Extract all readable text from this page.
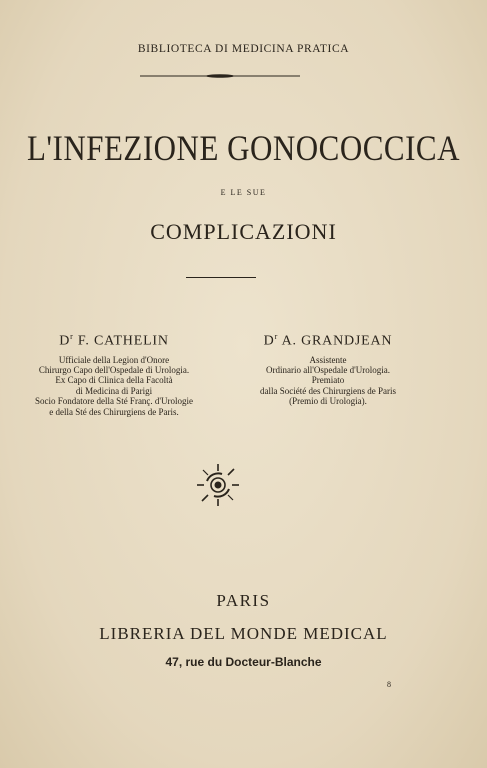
BIBLIOTECA DI MEDICINA PRATICA
L'INFEZIONE GONOCOCCICA
E LE SUE
COMPLICAZIONI
$D^r$ F. CATHELIN
Ufficiale della Legion d'Onore
Chirurgo Capo dell'Ospedale di Urologia.
Ex Capo di Clinica della Facoltà
di Medicina di Parigi
Socio Fondatore della Sté Franç. d'Urologie
e della Sté des Chirurgiens de Paris.
$D^r$ A. GRANDJEAN
Assistente
Ordinario all'Ospedale d'Urologia.
Premiato
dalla Société des Chirurgiens de Paris
(Premio di Urologia).
PARIS
LIBRERIA DEL MONDE MEDICAL
47, rue du Docteur-Blanche
8
